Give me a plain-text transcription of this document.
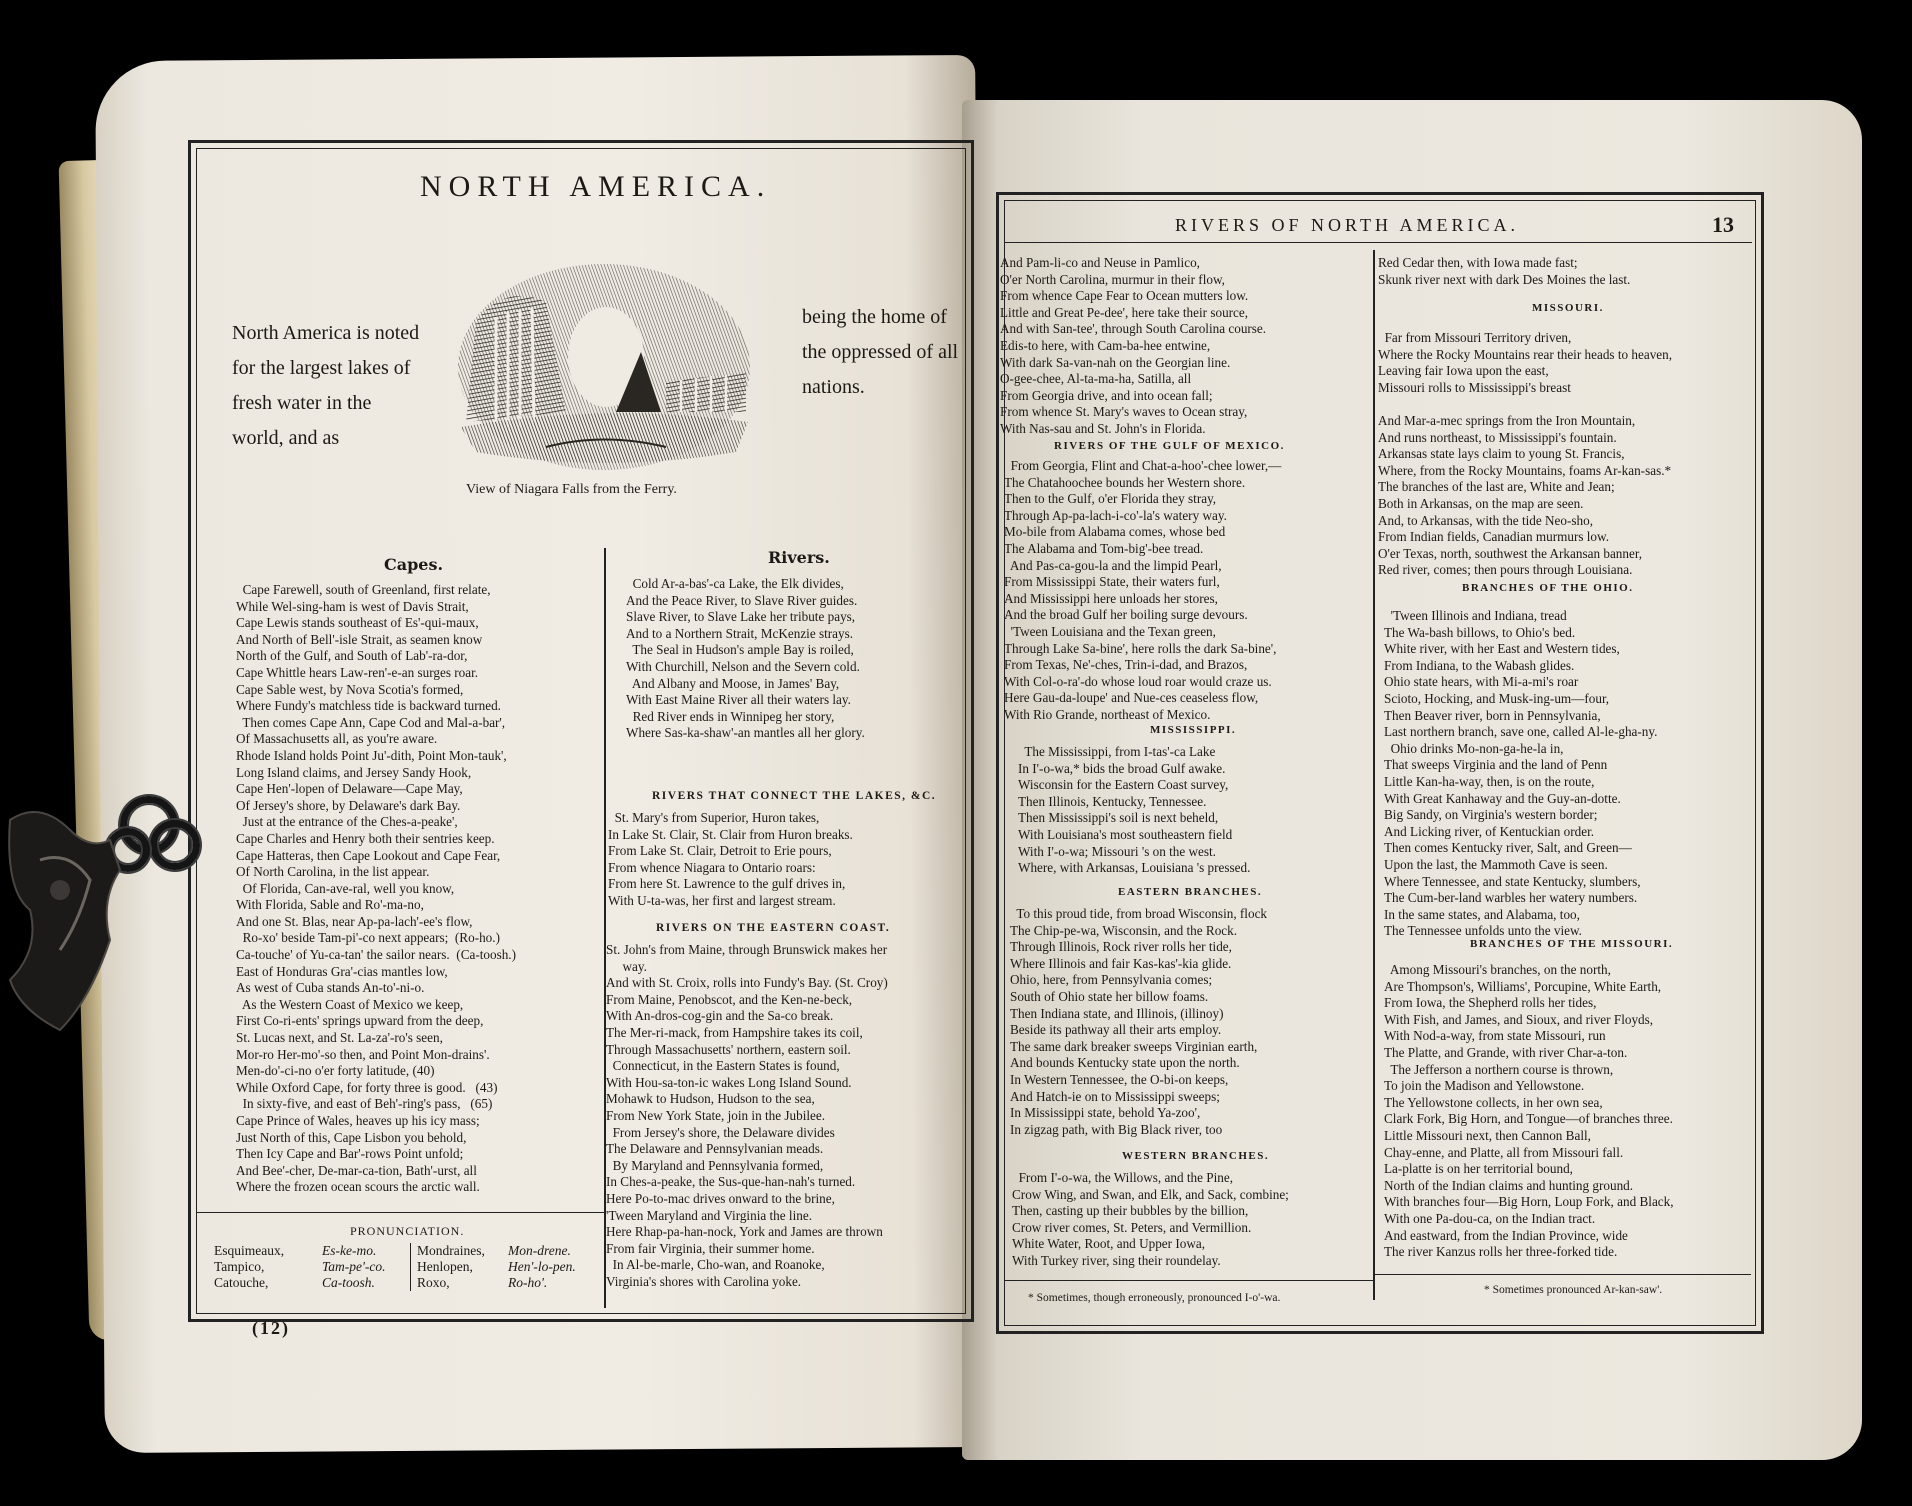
NORTH AMERICA.
North America is noted for the largest lakes of fresh water in the world, and as
being the home of the oppressed of all nations.
View of Niagara Falls from the Ferry.
Capes.
Cape Farewell, south of Greenland, first relate,
While Wel-sing-ham is west of Davis Strait,
Cape Lewis stands southeast of Es'-qui-maux,
And North of Bell'-isle Strait, as seamen know
North of the Gulf, and South of Lab'-ra-dor,
Cape Whittle hears Law-ren'-e-an surges roar.
Cape Sable west, by Nova Scotia's formed,
Where Fundy's matchless tide is backward turned.
Then comes Cape Ann, Cape Cod and Mal-a-bar',
Of Massachusetts all, as you're aware.
Rhode Island holds Point Ju'-dith, Point Mon-tauk',
Long Island claims, and Jersey Sandy Hook,
Cape Hen'-lopen of Delaware—Cape May,
Of Jersey's shore, by Delaware's dark Bay.
Just at the entrance of the Ches-a-peake',
Cape Charles and Henry both their sentries keep.
Cape Hatteras, then Cape Lookout and Cape Fear,
Of North Carolina, in the list appear.
Of Florida, Can-ave-ral, well you know,
With Florida, Sable and Ro'-ma-no,
And one St. Blas, near Ap-pa-lach'-ee's flow,
Ro-xo' beside Tam-pi'-co next appears;  (Ro-ho.)
Ca-touche' of Yu-ca-tan' the sailor nears.  (Ca-toosh.)
East of Honduras Gra'-cias mantles low,
As west of Cuba stands An-to'-ni-o.
As the Western Coast of Mexico we keep,
First Co-ri-ents' springs upward from the deep,
St. Lucas next, and St. La-za'-ro's seen,
Mor-ro Her-mo'-so then, and Point Mon-drains'.
Men-do'-ci-no o'er forty latitude, (40)
While Oxford Cape, for forty three is good.   (43)
In sixty-five, and east of Beh'-ring's pass,   (65)
Cape Prince of Wales, heaves up his icy mass;
Just North of this, Cape Lisbon you behold,
Then Icy Cape and Bar'-rows Point unfold;
And Bee'-cher, De-mar-ca-tion, Bath'-urst, all
Where the frozen ocean scours the arctic wall.
Rivers.
Cold Ar-a-bas'-ca Lake, the Elk divides,
And the Peace River, to Slave River guides.
Slave River, to Slave Lake her tribute pays,
And to a Northern Strait, McKenzie strays.
The Seal in Hudson's ample Bay is roiled,
With Churchill, Nelson and the Severn cold.
And Albany and Moose, in James' Bay,
With East Maine River all their waters lay.
Red River ends in Winnipeg her story,
Where Sas-ka-shaw'-an mantles all her glory.
RIVERS THAT CONNECT THE LAKES, &C.
St. Mary's from Superior, Huron takes,
In Lake St. Clair, St. Clair from Huron breaks.
From Lake St. Clair, Detroit to Erie pours,
From whence Niagara to Ontario roars:
From here St. Lawrence to the gulf drives in,
With U-ta-was, her first and largest stream.
RIVERS ON THE EASTERN COAST.
St. John's from Maine, through Brunswick makes her
way.
And with St. Croix, rolls into Fundy's Bay. (St. Croy)
From Maine, Penobscot, and the Ken-ne-beck,
With An-dros-cog-gin and the Sa-co break.
The Mer-ri-mack, from Hampshire takes its coil,
Through Massachusetts' northern, eastern soil.
Connecticut, in the Eastern States is found,
With Hou-sa-ton-ic wakes Long Island Sound.
Mohawk to Hudson, Hudson to the sea,
From New York State, join in the Jubilee.
From Jersey's shore, the Delaware divides
The Delaware and Pennsylvanian meads.
By Maryland and Pennsylvania formed,
In Ches-a-peake, the Sus-que-han-nah's turned.
Here Po-to-mac drives onward to the brine,
'Tween Maryland and Virginia the line.
Here Rhap-pa-han-nock, York and James are thrown
From fair Virginia, their summer home.
In Al-be-marle, Cho-wan, and Roanoke,
Virginia's shores with Carolina yoke.
PRONUNCIATION.
Esquimeaux,
Tampico,
Catouche,
Es-ke-mo.
Tam-pe'-co.
Ca-toosh.
Mondraines,
Henlopen,
Roxo,
Mon-drene.
Hen'-lo-pen.
Ro-ho'.
(12)
RIVERS OF NORTH AMERICA.	13
And Pam-li-co and Neuse in Pamlico,
O'er North Carolina, murmur in their flow,
From whence Cape Fear to Ocean mutters low.
Little and Great Pe-dee', here take their source,
And with San-tee', through South Carolina course.
Edis-to here, with Cam-ba-hee entwine,
With dark Sa-van-nah on the Georgian line.
O-gee-chee, Al-ta-ma-ha, Satilla, all
From Georgia drive, and into ocean fall;
From whence St. Mary's waves to Ocean stray,
With Nas-sau and St. John's in Florida.
RIVERS OF THE GULF OF MEXICO.
From Georgia, Flint and Chat-a-hoo'-chee lower,—
The Chatahoochee bounds her Western shore.
Then to the Gulf, o'er Florida they stray,
Through Ap-pa-lach-i-co'-la's watery way.
Mo-bile from Alabama comes, whose bed
The Alabama and Tom-big'-bee tread.
And Pas-ca-gou-la and the limpid Pearl,
From Mississippi State, their waters furl,
And Mississippi here unloads her stores,
And the broad Gulf her boiling surge devours.
'Tween Louisiana and the Texan green,
Through Lake Sa-bine', here rolls the dark Sa-bine',
From Texas, Ne'-ches, Trin-i-dad, and Brazos,
With Col-o-ra'-do whose loud roar would craze us.
Here Gau-da-loupe' and Nue-ces ceaseless flow,
With Rio Grande, northeast of Mexico.
MISSISSIPPI.
The Mississippi, from I-tas'-ca Lake
In I'-o-wa,* bids the broad Gulf awake.
Wisconsin for the Eastern Coast survey,
Then Illinois, Kentucky, Tennessee.
Then Mississippi's soil is next beheld,
With Louisiana's most southeastern field
With I'-o-wa; Missouri 's on the west.
Where, with Arkansas, Louisiana 's pressed.
EASTERN BRANCHES.
To this proud tide, from broad Wisconsin, flock
The Chip-pe-wa, Wisconsin, and the Rock.
Through Illinois, Rock river rolls her tide,
Where Illinois and fair Kas-kas'-kia glide.
Ohio, here, from Pennsylvania comes;
South of Ohio state her billow foams.
Then Indiana state, and Illinois, (illinoy)
Beside its pathway all their arts employ.
The same dark breaker sweeps Virginian earth,
And bounds Kentucky state upon the north.
In Western Tennessee, the O-bi-on keeps,
And Hatch-ie on to Mississippi sweeps;
In Mississippi state, behold Ya-zoo',
In zigzag path, with Big Black river, too
WESTERN BRANCHES.
From I'-o-wa, the Willows, and the Pine,
Crow Wing, and Swan, and Elk, and Sack, combine;
Then, casting up their bubbles by the billion,
Crow river comes, St. Peters, and Vermillion.
White Water, Root, and Upper Iowa,
With Turkey river, sing their roundelay.
* Sometimes, though erroneously, pronounced I-o'-wa.
Red Cedar then, with Iowa made fast;
Skunk river next with dark Des Moines the last.
MISSOURI.
Far from Missouri Territory driven,
Where the Rocky Mountains rear their heads to heaven,
Leaving fair Iowa upon the east,
Missouri rolls to Mississippi's breast

And Mar-a-mec springs from the Iron Mountain,
And runs northeast, to Mississippi's fountain.
Arkansas state lays claim to young St. Francis,
Where, from the Rocky Mountains, foams Ar-kan-sas.*
The branches of the last are, White and Jean;
Both in Arkansas, on the map are seen.
And, to Arkansas, with the tide Neo-sho,
From Indian fields, Canadian murmurs low.
O'er Texas, north, southwest the Arkansan banner,
Red river, comes; then pours through Louisiana.
BRANCHES OF THE OHIO.
'Tween Illinois and Indiana, tread
The Wa-bash billows, to Ohio's bed.
White river, with her East and Western tides,
From Indiana, to the Wabash glides.
Ohio state hears, with Mi-a-mi's roar
Scioto, Hocking, and Musk-ing-um—four,
Then Beaver river, born in Pennsylvania,
Last northern branch, save one, called Al-le-gha-ny.
Ohio drinks Mo-non-ga-he-la in,
That sweeps Virginia and the land of Penn
Little Kan-ha-way, then, is on the route,
With Great Kanhaway and the Guy-an-dotte.
Big Sandy, on Virginia's western border;
And Licking river, of Kentuckian order.
Then comes Kentucky river, Salt, and Green—
Upon the last, the Mammoth Cave is seen.
Where Tennessee, and state Kentucky, slumbers,
The Cum-ber-land warbles her watery numbers.
In the same states, and Alabama, too,
The Tennessee unfolds unto the view.
BRANCHES OF THE MISSOURI.
Among Missouri's branches, on the north,
Are Thompson's, Williams', Porcupine, White Earth,
From Iowa, the Shepherd rolls her tides,
With Fish, and James, and Sioux, and river Floyds,
With Nod-a-way, from state Missouri, run
The Platte, and Grande, with river Char-a-ton.
The Jefferson a northern course is thrown,
To join the Madison and Yellowstone.
The Yellowstone collects, in her own sea,
Clark Fork, Big Horn, and Tongue—of branches three.
Little Missouri next, then Cannon Ball,
Chay-enne, and Platte, all from Missouri fall.
La-platte is on her territorial bound,
North of the Indian claims and hunting ground.
With branches four—Big Horn, Loup Fork, and Black,
With one Pa-dou-ca, on the Indian tract.
And eastward, from the Indian Province, wide
The river Kanzus rolls her three-forked tide.
* Sometimes pronounced Ar-kan-saw'.
